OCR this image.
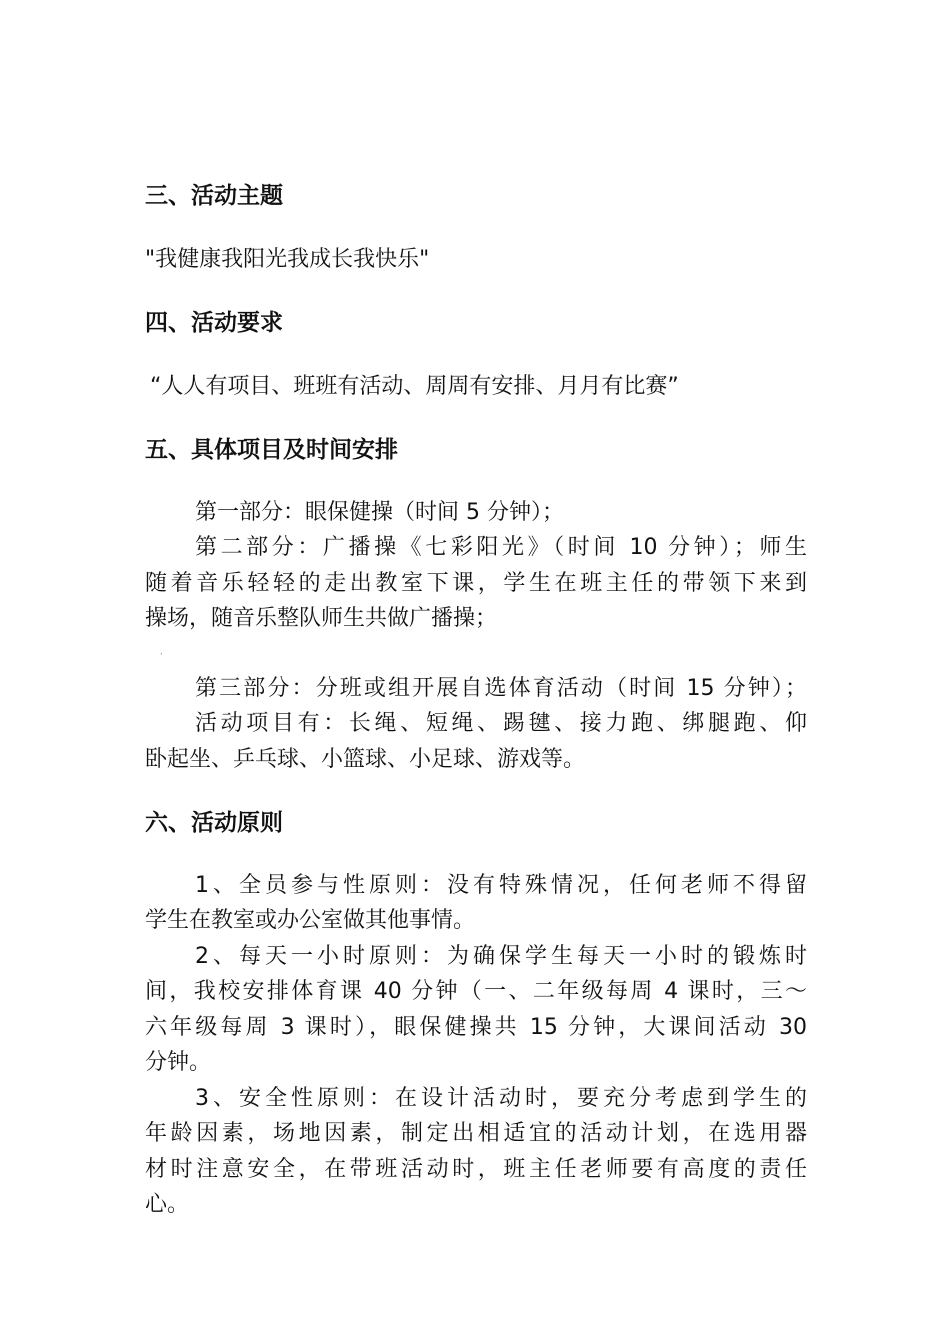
三、活动主题
"我健康我阳光我成长我快乐"
四、活动要求
“人人有项目、班班有活动、周周有安排、月月有比赛”
五、具体项目及时间安排
第一部分：眼保健操（时间 5 分钟）；
第二部分：广播操《七彩阳光》（时间 10 分钟）；师生
随着音乐轻轻的走出教室下课，学生在班主任的带领下来到
操场，随音乐整队师生共做广播操；
‘
第三部分：分班或组开展自选体育活动（时间 15 分钟）；
活动项目有：长绳、短绳、踢毽、接力跑、绑腿跑、仰
卧起坐、乒乓球、小篮球、小足球、游戏等。
六、活动原则
1、全员参与性原则：没有特殊情况，任何老师不得留
学生在教室或办公室做其他事情。
2、每天一小时原则：为确保学生每天一小时的锻炼时
间，我校安排体育课 40 分钟（一、二年级每周 4 课时，三～
六年级每周 3 课时），眼保健操共 15 分钟，大课间活动 30
分钟。
3、安全性原则：在设计活动时，要充分考虑到学生的
年龄因素，场地因素，制定出相适宜的活动计划，在选用器
材时注意安全，在带班活动时，班主任老师要有高度的责任
心。
